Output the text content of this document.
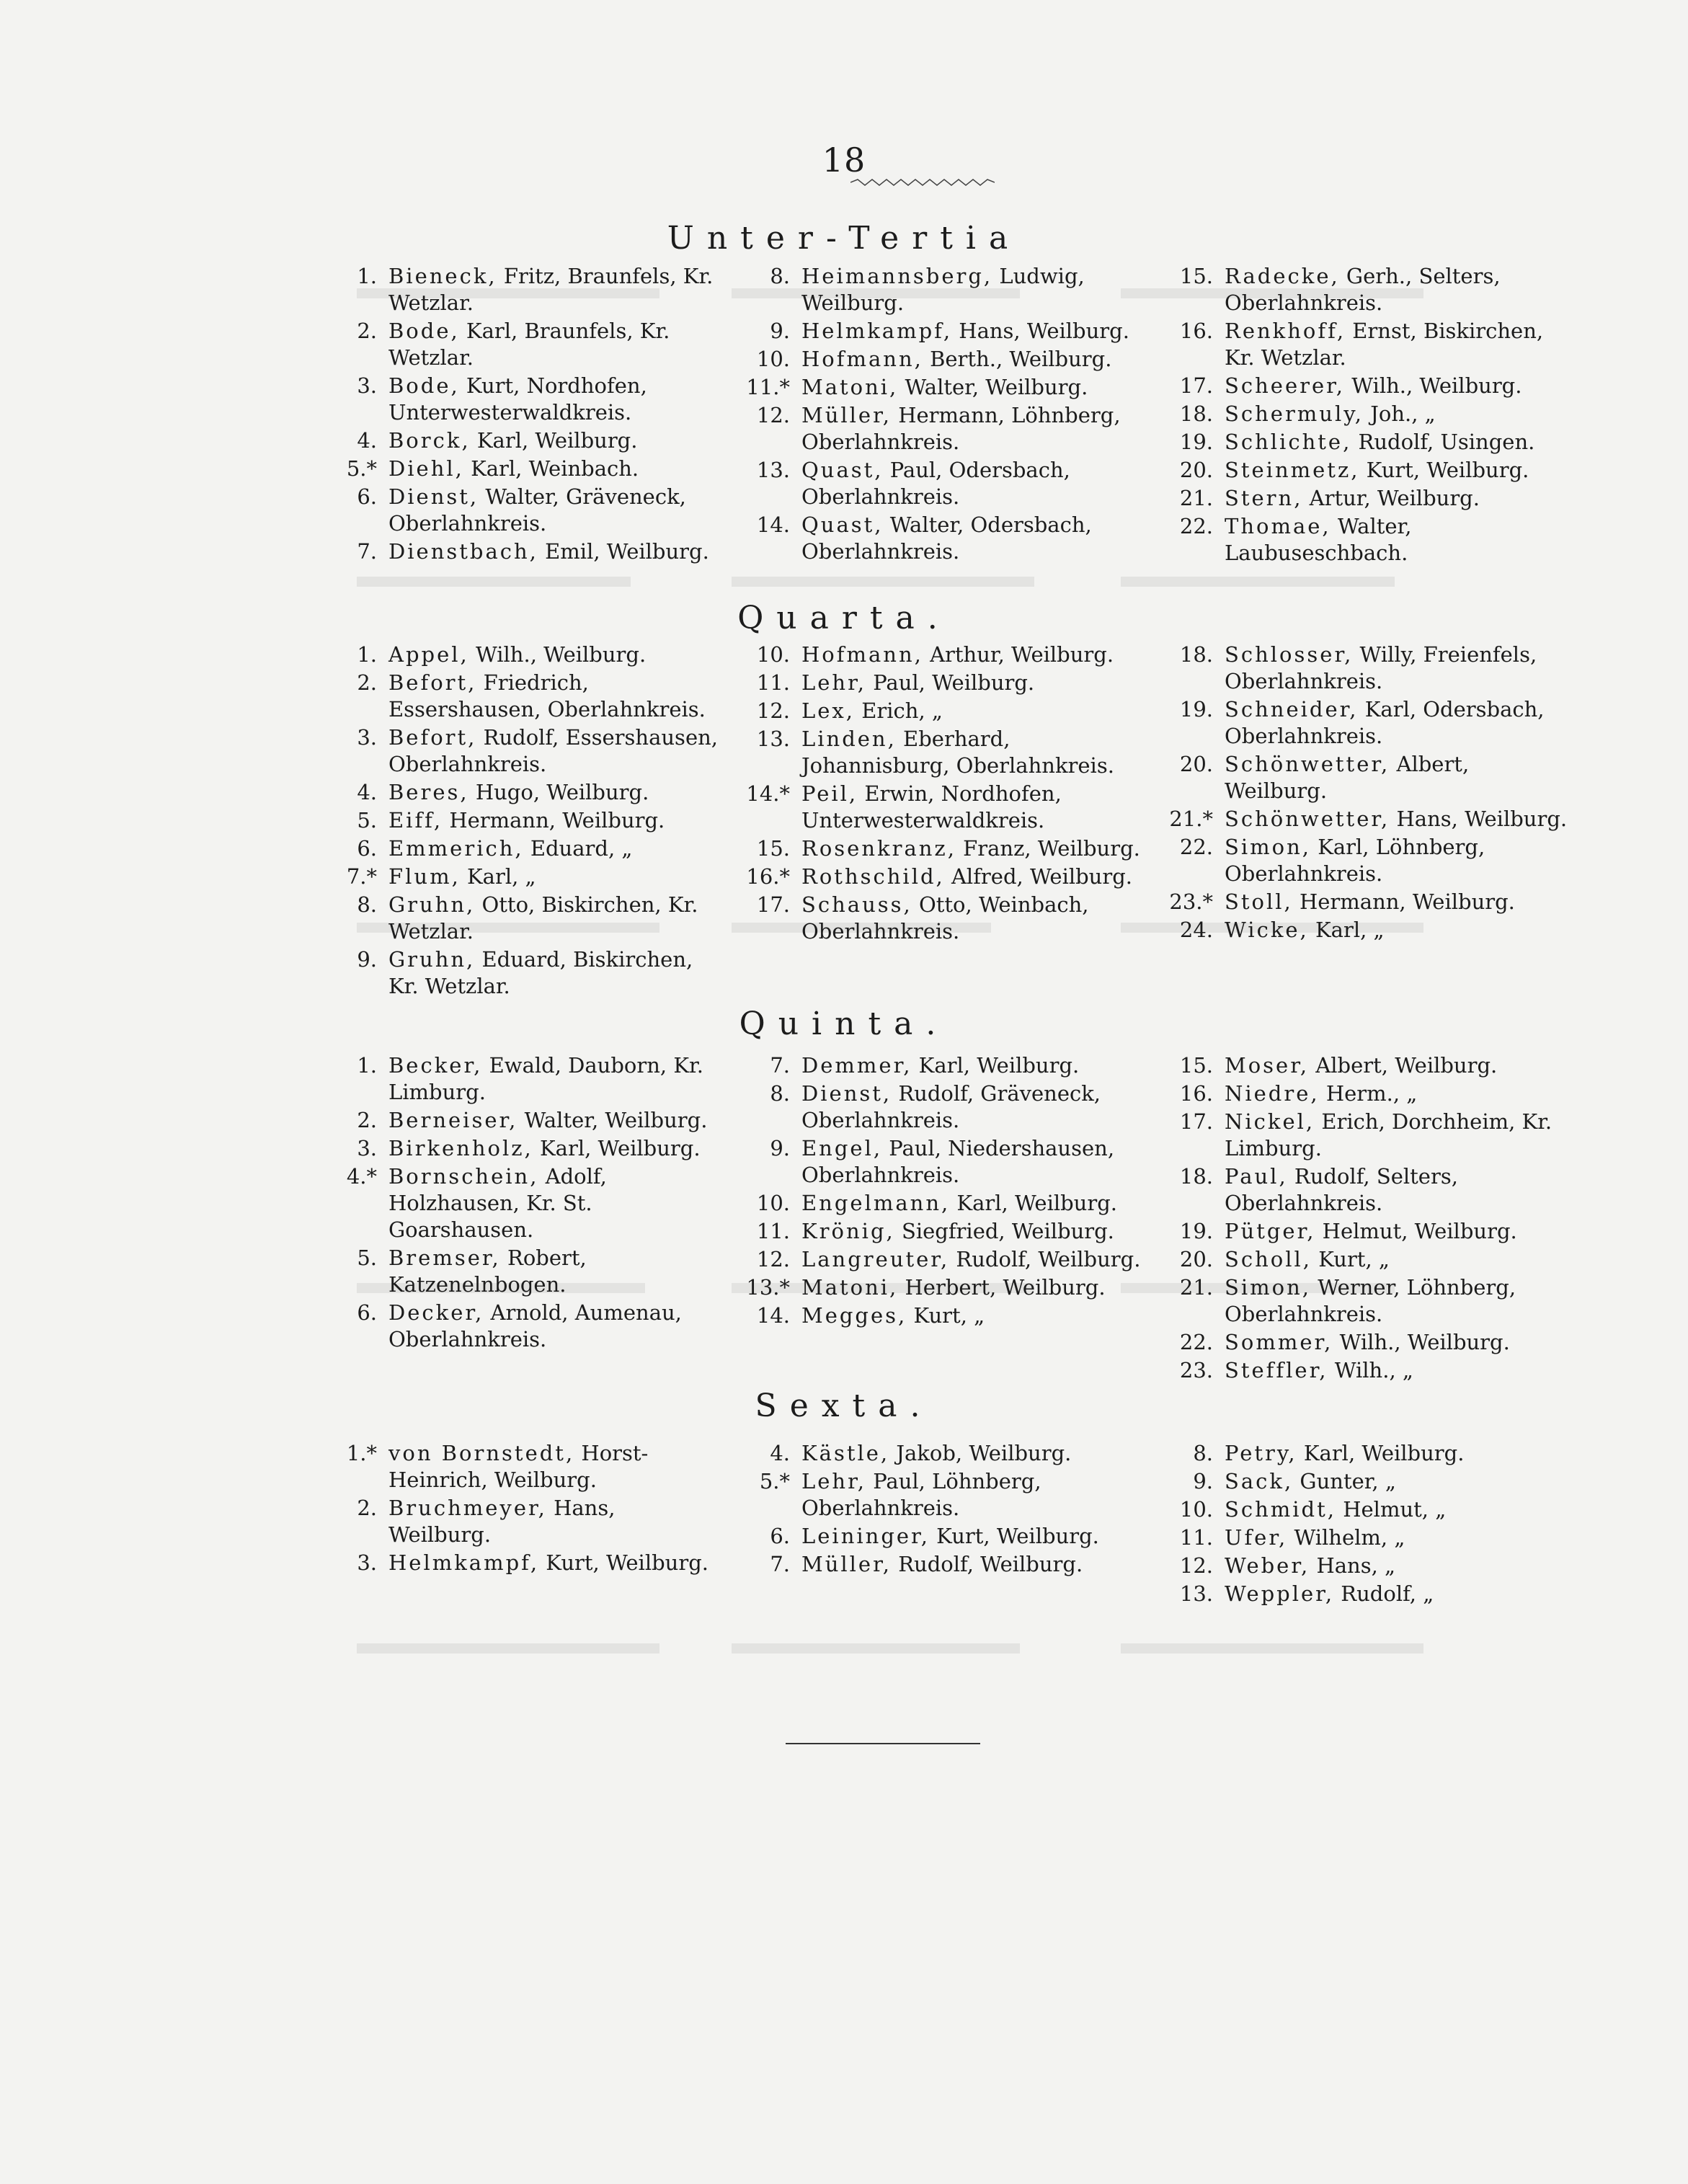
18
Unter-Tertia
1. Bieneck, Fritz, Braunfels, Kr. Wetzlar.
2. Bode, Karl, Braunfels, Kr. Wetzlar.
3. Bode, Kurt, Nordhofen, Unterwesterwaldkreis.
4. Borck, Karl, Weilburg.
5.* Diehl, Karl, Weinbach.
6. Dienst, Walter, Gräveneck, Oberlahnkreis.
7. Dienstbach, Emil, Weilburg.
8. Heimannsberg, Ludwig, Weilburg.
9. Helmkampf, Hans, Weilburg.
10. Hofmann, Berth., Weilburg.
11.* Matoni, Walter, Weilburg.
12. Müller, Hermann, Löhnberg, Oberlahnkreis.
13. Quast, Paul, Odersbach, Oberlahnkreis.
14. Quast, Walter, Odersbach, Oberlahnkreis.
15. Radecke, Gerh., Selters, Oberlahnkreis.
16. Renkhoff, Ernst, Biskirchen, Kr. Wetzlar.
17. Scheerer, Wilh., Weilburg.
18. Schermuly, Joh., „
19. Schlichte, Rudolf, Usingen.
20. Steinmetz, Kurt, Weilburg.
21. Stern, Artur, Weilburg.
22. Thomae, Walter, Laubuseschbach.
Quarta.
1. Appel, Wilh., Weilburg.
2. Befort, Friedrich, Essershausen, Oberlahnkreis.
3. Befort, Rudolf, Essershausen, Oberlahnkreis.
4. Beres, Hugo, Weilburg.
5. Eiff, Hermann, Weilburg.
6. Emmerich, Eduard, „
7.* Flum, Karl, „
8. Gruhn, Otto, Biskirchen, Kr. Wetzlar.
9. Gruhn, Eduard, Biskirchen, Kr. Wetzlar.
10. Hofmann, Arthur, Weilburg.
11. Lehr, Paul, Weilburg.
12. Lex, Erich, „
13. Linden, Eberhard, Johannisburg, Oberlahnkreis.
14.* Peil, Erwin, Nordhofen, Unterwesterwaldkreis.
15. Rosenkranz, Franz, Weilburg.
16.* Rothschild, Alfred, Weilburg.
17. Schauss, Otto, Weinbach, Oberlahnkreis.
18. Schlosser, Willy, Freienfels, Oberlahnkreis.
19. Schneider, Karl, Odersbach, Oberlahnkreis.
20. Schönwetter, Albert, Weilburg.
21.* Schönwetter, Hans, Weilburg.
22. Simon, Karl, Löhnberg, Oberlahnkreis.
23.* Stoll, Hermann, Weilburg.
24. Wicke, Karl, „
Quinta.
1. Becker, Ewald, Dauborn, Kr. Limburg.
2. Berneiser, Walter, Weilburg.
3. Birkenholz, Karl, Weilburg.
4.* Bornschein, Adolf, Holzhausen, Kr. St. Goarshausen.
5. Bremser, Robert, Katzenelnbogen.
6. Decker, Arnold, Aumenau, Oberlahnkreis.
7. Demmer, Karl, Weilburg.
8. Dienst, Rudolf, Gräveneck, Oberlahnkreis.
9. Engel, Paul, Niedershausen, Oberlahnkreis.
10. Engelmann, Karl, Weilburg.
11. Krönig, Siegfried, Weilburg.
12. Langreuter, Rudolf, Weilburg.
13.* Matoni, Herbert, Weilburg.
14. Megges, Kurt, „
15. Moser, Albert, Weilburg.
16. Niedre, Herm., „
17. Nickel, Erich, Dorchheim, Kr. Limburg.
18. Paul, Rudolf, Selters, Oberlahnkreis.
19. Pütger, Helmut, Weilburg.
20. Scholl, Kurt, „
21. Simon, Werner, Löhnberg, Oberlahnkreis.
22. Sommer, Wilh., Weilburg.
23. Steffler, Wilh., „
Sexta.
1.* von Bornstedt, Horst-Heinrich, Weilburg.
2. Bruchmeyer, Hans, Weilburg.
3. Helmkampf, Kurt, Weilburg.
4. Kästle, Jakob, Weilburg.
5.* Lehr, Paul, Löhnberg, Oberlahnkreis.
6. Leininger, Kurt, Weilburg.
7. Müller, Rudolf, Weilburg.
8. Petry, Karl, Weilburg.
9. Sack, Gunter, „
10. Schmidt, Helmut, „
11. Ufer, Wilhelm, „
12. Weber, Hans, „
13. Weppler, Rudolf, „
